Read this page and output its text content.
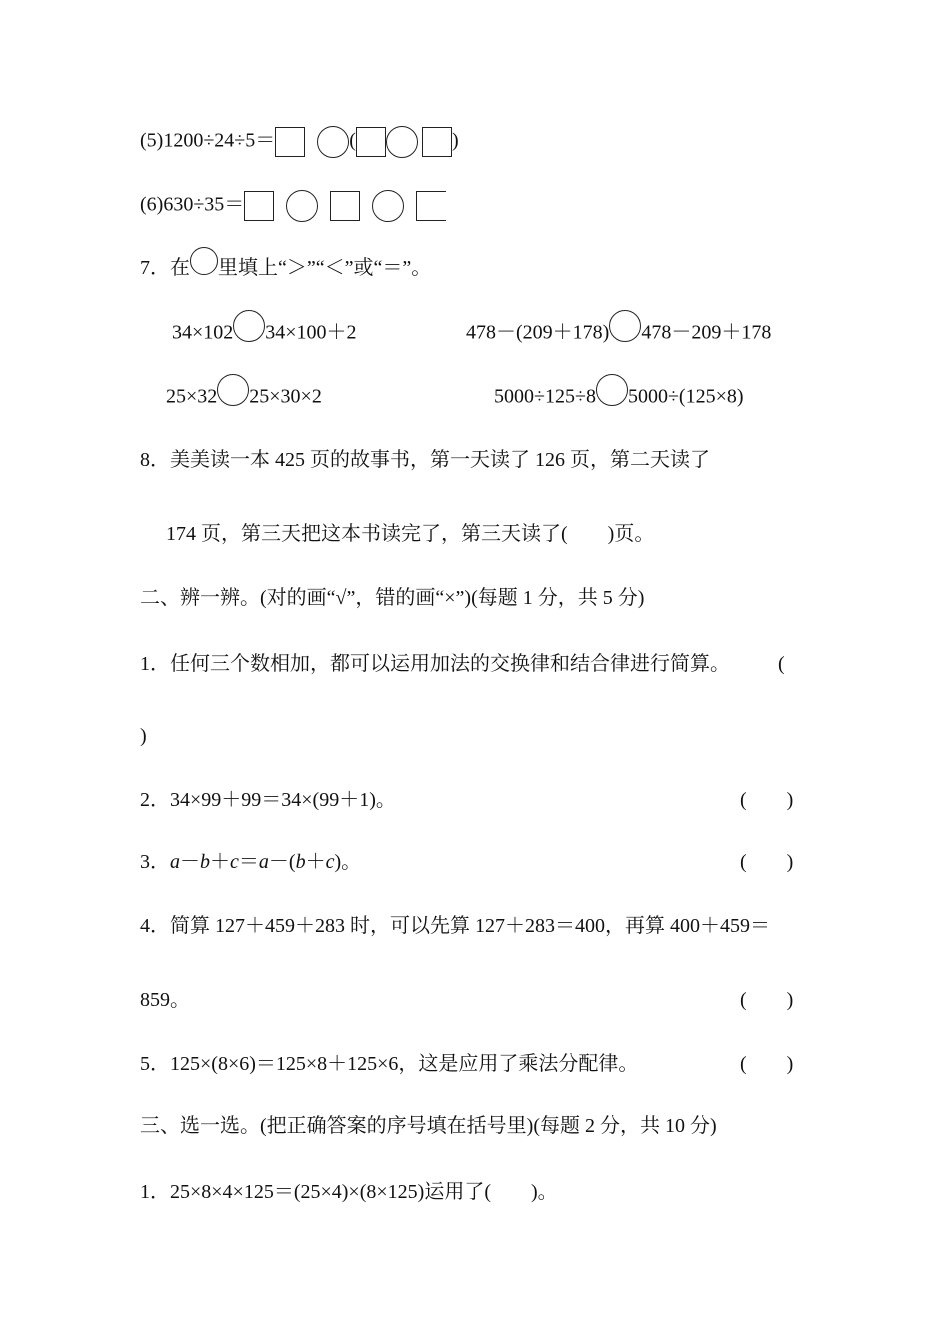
(5)1200÷24÷5＝	(	)
(6)630÷35＝
7．在 里填上“＞”“＜”或“＝”。
34×102 34×100＋2	478－(209＋178) 478－209＋178
25×32 25×30×2	5000÷125÷8 5000÷(125×8)
8．美美读一本 425 页的故事书，第一天读了 126 页，第二天读了
174 页，第三天把这本书读完了，第三天读了(　　)页。
二、辨一辨。(对的画“√”，错的画“×”)(每题 1 分，共 5 分)
1．任何三个数相加，都可以运用加法的交换律和结合律进行简算。 (
)
2．34×99＋99＝34×(99＋1)。	(　　)
3．a－b＋c＝a－(b＋c)。	(　　)
4．简算 127＋459＋283 时，可以先算 127＋283＝400，再算 400＋459＝
859。	(　　)
5．125×(8×6)＝125×8＋125×6，这是应用了乘法分配律。	(　　)
三、选一选。(把正确答案的序号填在括号里)(每题 2 分，共 10 分)
1．25×8×4×125＝(25×4)×(8×125)运用了(　　)。
